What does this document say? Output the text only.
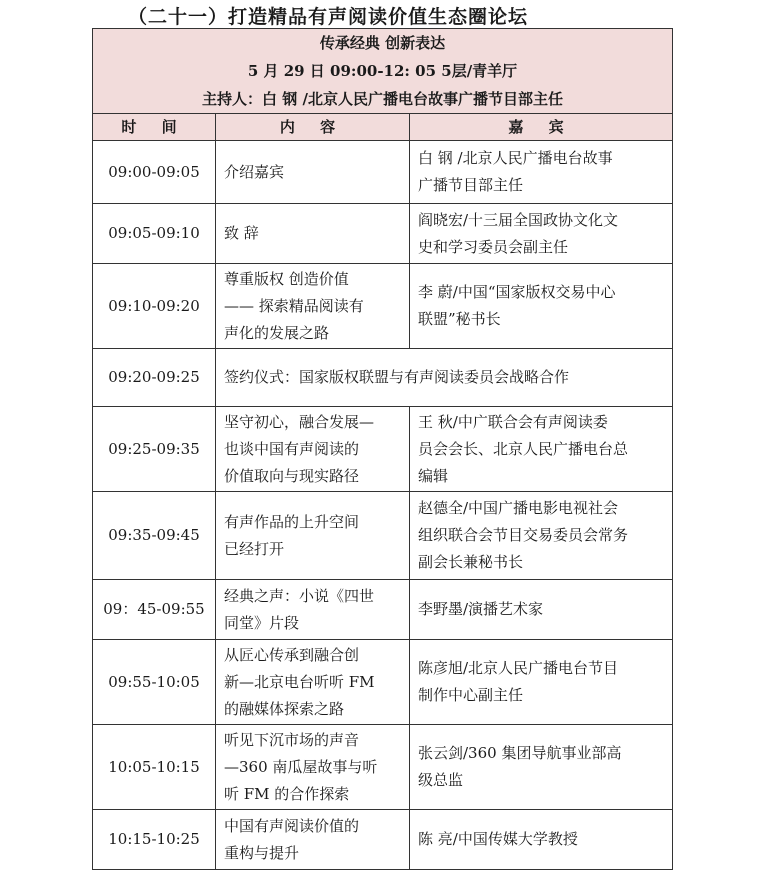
（二十一）打造精品有声阅读价值生态圈论坛
传承经典 创新表达
5 月 29 日 09:00-12: 05 5层/青羊厅
主持人：白 钢 /北京人民广播电台故事广播节目部主任		

时 间	内 容	嘉 宾
09:00-09:05	介绍嘉宾	白 钢 /北京人民广播电台故事
广播节目部主任
09:05-09:10	致 辞	阎晓宏/十三届全国政协文化文
史和学习委员会副主任
09:10-09:20	尊重版权 创造价值
—— 探索精品阅读有
声化的发展之路	李 蔚/中国“国家版权交易中心
联盟”秘书长
09:20-09:25	签约仪式：国家版权联盟与有声阅读委员会战略合作	
09:25-09:35	坚守初心，融合发展—
也谈中国有声阅读的
价值取向与现实路径	王 秋/中广联合会有声阅读委
员会会长、北京人民广播电台总
编辑
09:35-09:45	有声作品的上升空间
已经打开	赵德全/中国广播电影电视社会
组织联合会节目交易委员会常务
副会长兼秘书长
09：45-09:55	经典之声：小说《四世
同堂》片段	李野墨/演播艺术家
09:55-10:05	从匠心传承到融合创
新—北京电台听听 FM
的融媒体探索之路	陈彦旭/北京人民广播电台节目
制作中心副主任
10:05-10:15	听见下沉市场的声音
—360 南瓜屋故事与听
听 FM 的合作探索	张云剑/360 集团导航事业部高
级总监
10:15-10:25	中国有声阅读价值的
重构与提升	陈 亮/中国传媒大学教授
